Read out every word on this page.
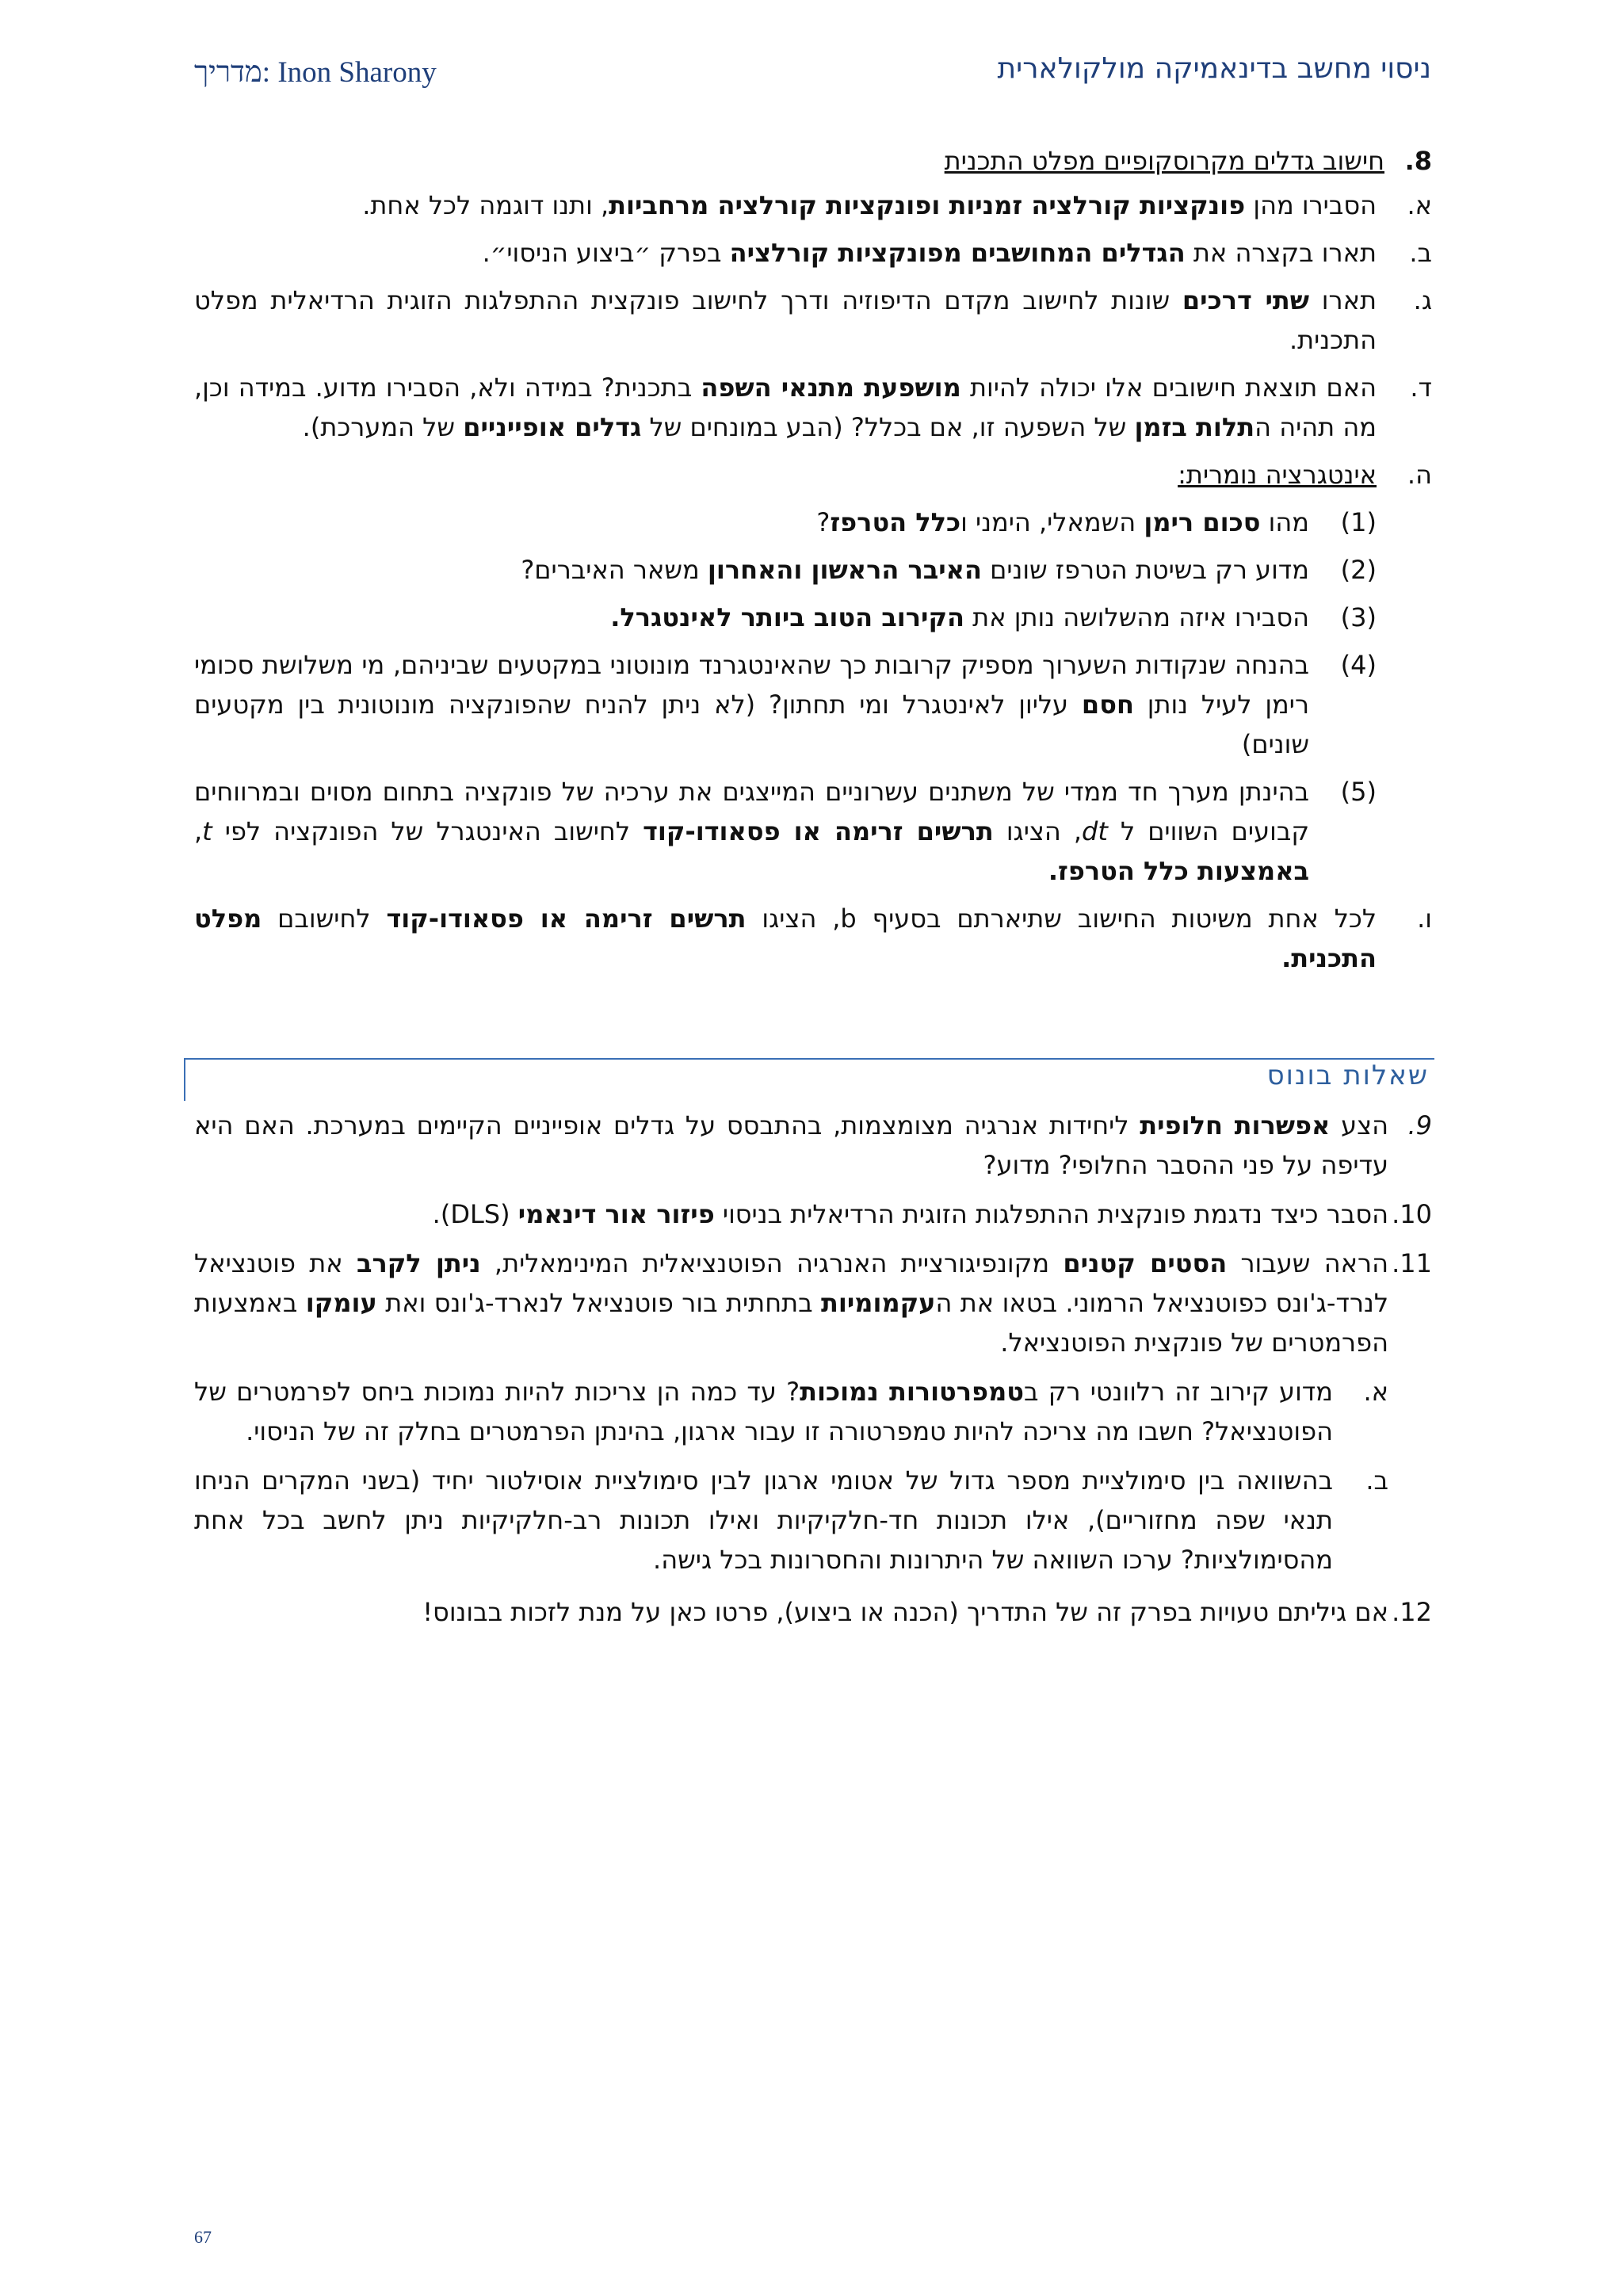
Inon Sharony :מדריך	ניסוי מחשב בדינאמיקה מולקולארית
8.
חישוב גדלים מקרוסקופיים מפלט התכנית
א.
הסבירו מהן פונקציות קורלציה זמניות ופונקציות קורלציה מרחביות, ותנו דוגמה לכל אחת.
ב.
תארו בקצרה את הגדלים המחושבים מפונקציות קורלציה בפרק ״ביצוע הניסוי״.
ג.
תארו שתי דרכים שונות לחישוב מקדם הדיפוזיה ודרך לחישוב פונקצית ההתפלגות הזוגית הרדיאלית מפלט התכנית.
ד.
האם תוצאת חישובים אלו יכולה להיות מושפעת מתנאי השפה בתכנית? במידה ולא, הסבירו מדוע. במידה וכן, מה תהיה התלות בזמן של השפעה זו, אם בכלל? (הבע במונחים של גדלים אופייניים של המערכת).
ה.
אינטגרציה נומרית:
(1)
מהו סכום רימן השמאלי, הימני וכלל הטרפז?
(2)
מדוע רק בשיטת הטרפז שונים האיבר הראשון והאחרון משאר האיברים?
(3)
הסבירו איזה מהשלושה נותן את הקירוב הטוב ביותר לאינטגרל.
(4)
בהנחה שנקודות השערוך מספיק קרובות כך שהאינטגרנד מונוטוני במקטעים שביניהם, מי משלושת סכומי רימן לעיל נותן חסם עליון לאינטגרל ומי תחתון? (לא ניתן להניח שהפונקציה מונוטונית בין מקטעים שונים)
(5)
בהינתן מערך חד ממדי של משתנים עשרוניים המייצגים את ערכיה של פונקציה בתחום מסוים ובמרווחים קבועים השווים ל dt, הציגו תרשים זרימה או פסאודו-קוד לחישוב האינטגרל של הפונקציה לפי t, באמצעות כלל הטרפז.
ו.
לכל אחת משיטות החישוב שתיארתם בסעיף b, הציגו תרשים זרימה או פסאודו-קוד לחישובם מפלט התכנית.
שאלות בונוס
9.
הצע אפשרות חלופית ליחידות אנרגיה מצומצמות, בהתבסס על גדלים אופייניים הקיימים במערכת. האם היא עדיפה על פני ההסבר החלופי? מדוע?
10.
הסבר כיצד נדגמת פונקצית ההתפלגות הזוגית הרדיאלית בניסוי פיזור אור דינאמי (DLS).
11.
הראה שעבור הסטים קטנים מקונפיגורציית האנרגיה הפוטנציאלית המינימאלית, ניתן לקרב את פוטנציאל לנרד-ג'ונס כפוטנציאל הרמוני. בטאו את העקמומיות בתחתית בור פוטנציאל לנארד-ג'ונס ואת עומקו באמצעות הפרמטרים של פונקצית הפוטנציאל.
א.
מדוע קירוב זה רלוונטי רק בטמפרטורות נמוכות? עד כמה הן צריכות להיות נמוכות ביחס לפרמטרים של הפוטנציאל? חשבו מה צריכה להיות טמפרטורה זו עבור ארגון, בהינתן הפרמטרים בחלק זה של הניסוי.
ב.
בהשוואה בין סימולציית מספר גדול של אטומי ארגון לבין סימולציית אוסילטור יחיד (בשני המקרים הניחו תנאי שפה מחזוריים), אילו תכונות חד-חלקיקיות ואילו תכונות רב-חלקיקיות ניתן לחשב בכל אחת מהסימולציות? ערכו השוואה של היתרונות והחסרונות בכל גישה.
12.
אם גיליתם טעויות בפרק זה של התדריך (הכנה או ביצוע), פרטו כאן על מנת לזכות בבונוס!
67
